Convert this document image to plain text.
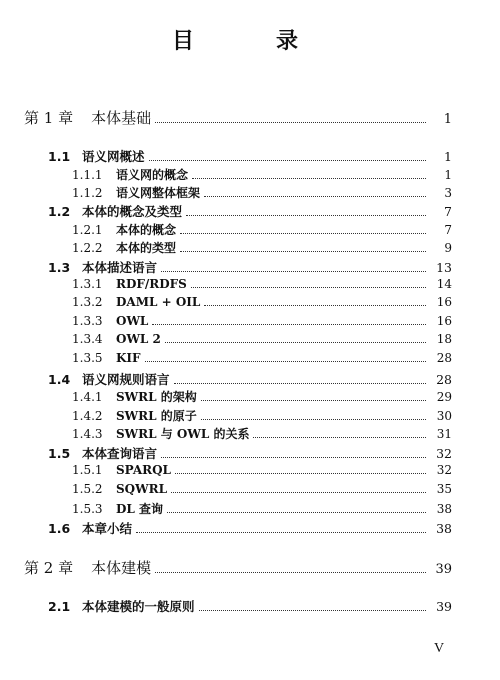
目　录
第 1 章 本体基础	1
1.1 语义网概述	1
1.1.1	语义网的概念	1
1.1.2	语义网整体框架	3
1.2 本体的概念及类型	7
1.2.1	本体的概念	7
1.2.2	本体的类型	9
1.3 本体描述语言	13
1.3.1	RDF/RDFS	14
1.3.2	DAML + OIL	16
1.3.3	OWL	16
1.3.4	OWL 2	18
1.3.5	KIF	28
1.4 语义网规则语言	28
1.4.1	SWRL 的架构	29
1.4.2	SWRL 的原子	30
1.4.3	SWRL 与 OWL 的关系	31
1.5 本体查询语言	32
1.5.1	SPARQL	32
1.5.2	SQWRL	35
1.5.3	DL 查询	38
1.6 本章小结	38
第 2 章 本体建模	39
2.1 本体建模的一般原则	39
V
